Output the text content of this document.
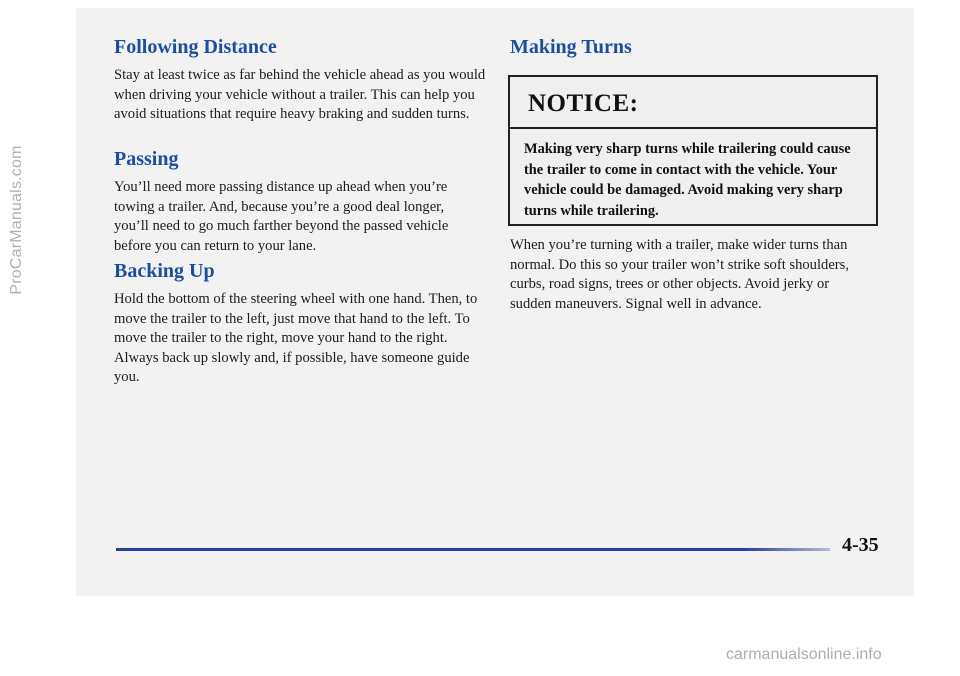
Following Distance

Stay at least twice as far behind the vehicle ahead as you would when driving your vehicle without a trailer. This can help you avoid situations that require heavy braking and sudden turns.

Passing

You’ll need more passing distance up ahead when you’re towing a trailer. And, because you’re a good deal longer, you’ll need to go much farther beyond the passed vehicle before you can return to your lane.

Backing Up

Hold the bottom of the steering wheel with one hand. Then, to move the trailer to the left, just move that hand to the left. To move the trailer to the right, move your hand to the right. Always back up slowly and, if possible, have someone guide you.

Making Turns

NOTICE:

Making very sharp turns while trailering could cause the trailer to come in contact with the vehicle. Your vehicle could be damaged. Avoid making very sharp turns while trailering.

When you’re turning with a trailer, make wider turns than normal. Do this so your trailer won’t strike soft shoulders, curbs, road signs, trees or other objects. Avoid jerky or sudden maneuvers. Signal well in advance.

4-35

ProCarManuals.com

carmanualsonline.info
